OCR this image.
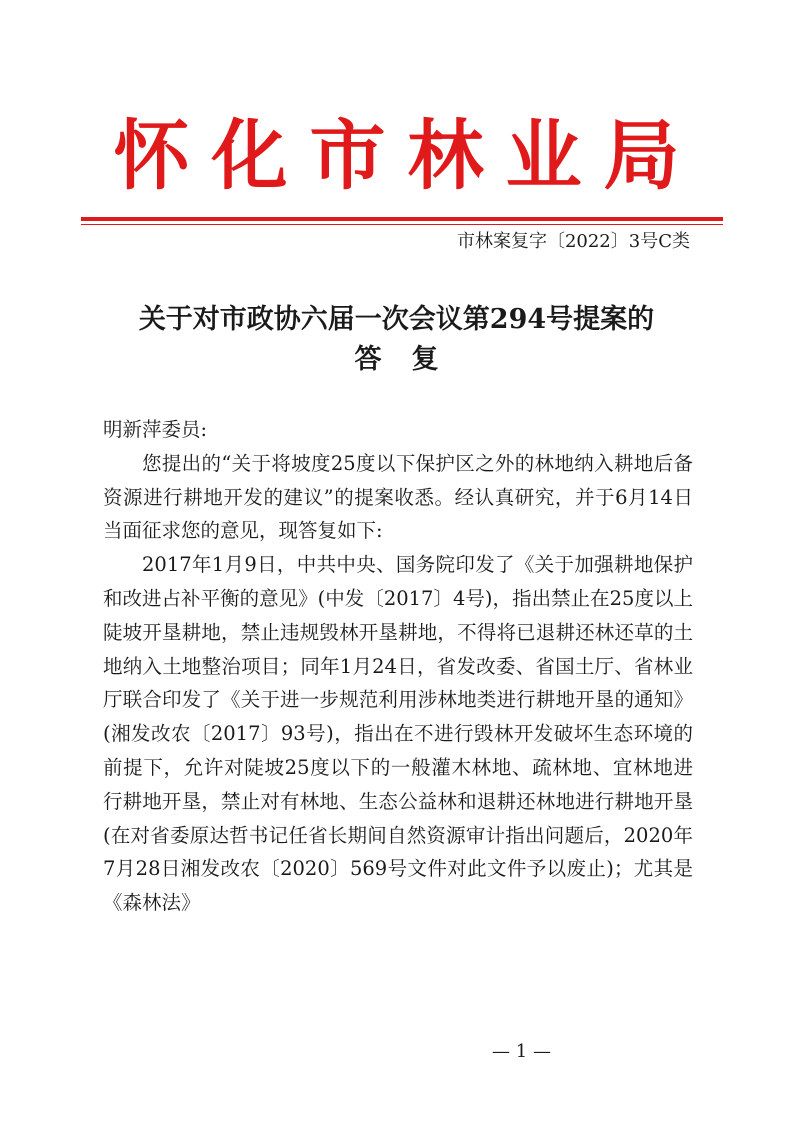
怀化市林业局
市林案复字〔2022〕3号C类
关于对市政协六届一次会议第294号提案的
答复

明新萍委员:

您提出的“关于将坡度25度以下保护区之外的林地纳入耕地后备资源进行耕地开发的建议”的提案收悉。经认真研究，并于6月14日当面征求您的意见，现答复如下:

2017年1月9日，中共中央、国务院印发了《关于加强耕地保护和改进占补平衡的意见》(中发〔2017〕4号)，指出禁止在25度以上陡坡开垦耕地，禁止违规毁林开垦耕地，不得将已退耕还林还草的土地纳入土地整治项目；同年1月24日，省发改委、省国土厅、省林业厅联合印发了《关于进一步规范利用涉林地类进行耕地开垦的通知》(湘发改农〔2017〕93号)，指出在不进行毁林开发破坏生态环境的前提下，允许对陡坡25度以下的一般灌木林地、疏林地、宜林地进行耕地开垦，禁止对有林地、生态公益林和退耕还林地进行耕地开垦(在对省委原达哲书记任省长期间自然资源审计指出问题后，2020年7月28日湘发改农〔2020〕569号文件对此文件予以废止)；尤其是《森林法》

— 1 —
